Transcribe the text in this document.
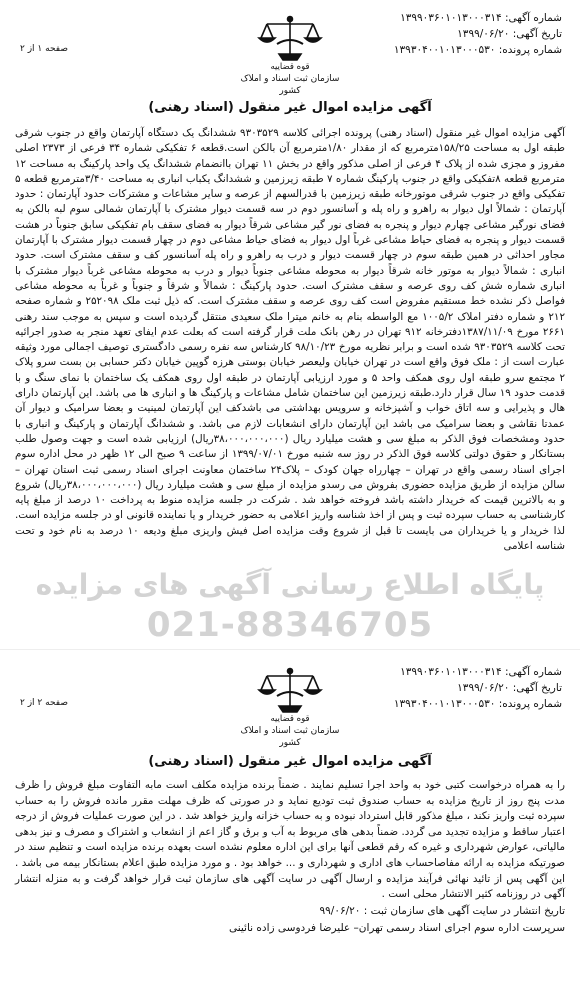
پایگاه اطلاع رسانی آگهی های مزایده
021-88346705
شماره آگهی: ۱۳۹۹۰۳۶۰۱۰۱۳۰۰۰۳۱۴
تاریخ آگهی: ۱۳۹۹/۰۶/۲۰
شماره پرونده: ۱۳۹۳۰۴۰۰۱۰۱۳۰۰۰۵۳۰
قوه قضاییه
سازمان ثبت اسناد و املاک کشور
صفحه ۱ از ۲
آگهی مزایده اموال غیر منقول (اسناد رهنی)
آگهی مزایده اموال غیر منقول (اسناد رهنی) پرونده اجرائی کلاسه ۹۳۰۳۵۲۹ ششدانگ یک دستگاه آپارتمان واقع در جنوب شرقی طبقه اول به مساحت ۱۵۸/۲۵مترمربع که از مقدار ۱/۸۰مترمربع آن بالکن است.قطعه ۶ تفکیکی شماره ۳۴ فرعی از ۲۳۷۳ اصلی مفروز و مجزی شده از پلاک ۴ فرعی از اصلی مذکور واقع در بخش ۱۱ تهران باانضمام ششدانگ یک واحد پارکینگ به مساحت ۱۲ مترمربع قطعه ۸تفکیکی واقع در جنوب پارکینگ شماره ۷ طبقه زیرزمین و ششدانگ یکباب انباری به مساحت ۳/۴۰مترمربع قطعه ۵ تفکیکی واقع در جنوب شرقی موتورخانه طبقه زیرزمین با قدرالسهم از عرصه و سایر مشاعات و مشترکات حدود آپارتمان : حدود آپارتمان : شمالاً اول دیوار به راهرو و راه پله و آسانسور دوم در سه قسمت دیوار مشترک با آپارتمان شمالی سوم لبه بالکن به فضای نورگیر مشاعی چهارم دیوار و پنجره به فضای نور گیر مشاعی شرقاً دیوار به فضای سقف بام تفکیکی سابق جنوباً در هشت قسمت دیوار و پنجره به فضای حیاط مشاعی غرباً اول دیوار به فضای حیاط مشاعی دوم در چهار قسمت دیوار مشترک با آپارتمان مجاور احداثی در همین طبقه سوم در چهار قسمت دیوار و درب به راهرو و راه پله آسانسور کف و سقف مشترک است. حدود انباری : شمالاً دیوار به موتور خانه شرقاً دیوار به محوطه مشاعی جنوباً دیوار و درب به محوطه مشاعی غرباً دیوار مشترک با انباری شماره شش کف روی عرصه و سقف مشترک است. حدود پارکینگ : شمالاً و شرقاً و جنوباً و غرباً به محوطه مشاعی فواصل ذکر نشده خط مستقیم مفروض است کف روی عرصه و سقف مشترک است. که ذیل ثبت ملک ۲۵۲۰۹۸ و شماره صفحه ۲۱۲ و شماره دفتر املاک ۱۰۰۵/۲ مع الواسطه بنام به خانم میترا ملک سعیدی منتقل گردیده است و سپس به موجب سند رهنی ۲۶۶۱ مورخ ۱۳۸۷/۱۱/۰۹دفترخانه ۹۱۲ تهران در رهن بانک ملت قرار گرفته است که بعلت عدم ایفای تعهد منجر به صدور اجرائیه تحت کلاسه ۹۳۰۳۵۲۹ شده است و برابر نظریه مورخ ۹۸/۱۰/۲۳ کارشناس سه نفره رسمی دادگستری توصیف اجمالی مورد وثیقه عبارت است از : ملک فوق واقع است در تهران خیابان ولیعصر خیابان بوستی هرزه گوپین خیابان دکتر حسابی بن بست سرو پلاک ۲ مجتمع سرو طبقه اول روی همکف واحد ۵ و مورد ارزیابی آپارتمان در طبقه اول روی همکف یک ساختمان با نمای سنگ و با قدمت حدود ۱۹ سال قرار دارد.طبقه زیرزمین این ساختمان شامل مشاعات و پارکینگ ها و انباری ها می باشد. این آپارتمان دارای هال و پذیرایی و سه اتاق خواب و آشپزخانه و سرویس بهداشتی می باشدکف این آپارتمان لمینیت و بعضا سرامیک و دیوار آن عمدتا نقاشی و بعضا سرامیک می باشد این آپارتمان دارای انشعابات لازم می باشد. و ششدانگ آپارتمان و پارکینگ و انباری با حدود ومشخصات فوق الذکر به مبلغ سی و هشت میلیارد ریال (۳۸،۰۰۰،۰۰۰،۰۰۰ریال) ارزیابی شده است و جهت وصول طلب بستانکار و حقوق دولتی کلاسه فوق الذکر در روز سه شنبه مورخ ۱۳۹۹/۰۷/۰۱ از ساعت ۹ صبح الی ۱۲ ظهر در محل اداره سوم اجرای اسناد رسمی واقع در تهران – چهارراه جهان کودک – پلاک۲۴ ساختمان معاونت اجرای اسناد رسمی ثبت استان تهران – سالن مزایده از طریق مزایده حضوری بفروش می رسدو مزایده از مبلغ سی و هشت میلیارد ریال (۳۸،۰۰۰،۰۰۰،۰۰۰ریال) شروع و به بالاترین قیمت که خریدار داشته باشد فروخته خواهد شد . شرکت در جلسه مزایده منوط به پرداخت ۱۰ درصد از مبلغ پایه کارشناسی به حساب سپرده ثبت و پس از اخذ شناسه واریز اعلامی به حضور خریدار و یا نماینده قانونی او در جلسه مزایده است. لذا خریدار و یا خریداران می بایست تا قبل از شروع وقت مزایده اصل فیش واریزی مبلغ ودیعه ۱۰ درصد به نام خود و تحت شناسه اعلامی
شماره آگهی: ۱۳۹۹۰۳۶۰۱۰۱۳۰۰۰۳۱۴
تاریخ آگهی: ۱۳۹۹/۰۶/۲۰
شماره پرونده: ۱۳۹۳۰۴۰۰۱۰۱۳۰۰۰۵۳۰
قوه قضاییه
سازمان ثبت اسناد و املاک کشور
صفحه ۲ از ۲
آگهی مزایده اموال غیر منقول (اسناد رهنی)
را به همراه درخواست کتبی خود به واحد اجرا تسلیم نمایند . ضمناً برنده مزایده مکلف است مابه التفاوت مبلغ فروش را ظرف مدت پنج روز از تاریخ مزایده به حساب صندوق ثبت تودیع نماید و در صورتی که ظرف مهلت مقرر مانده فروش را به حساب سپرده ثبت واریز نکند ، مبلغ مذکور قابل استرداد نبوده و به حساب خزانه واریز خواهد شد . در این صورت عملیات فروش از درجه اعتبار ساقط و مزایده تجدید می گردد. ضمناً بدهی های مربوط به آب و برق و گاز اعم از انشعاب و اشتراک و مصرف و نیز بدهی مالیاتی، عوارض شهرداری و غیره که رقم قطعی آنها برای این اداره معلوم نشده است بعهده برنده مزایده است و تنظیم سند در صورتیکه مزایده به ارائه مفاصاحساب های اداری و شهرداری و ... خواهد بود . و مورد مزایده طبق اعلام بستانکار بیمه می باشد . این آگهی پس از تائید نهائی فرآیند مزایده و ارسال آگهی در سایت آگهی های سازمان ثبت قرار خواهد گرفت و به منزله انتشار آگهی در روزنامه کثیر الانتشار محلی است .
تاریخ انتشار در سایت آگهی های سازمان ثبت : ۹۹/۰۶/۲۰
سرپرست اداره سوم اجرای اسناد رسمی تهران– علیرضا فردوسی زاده نائینی
